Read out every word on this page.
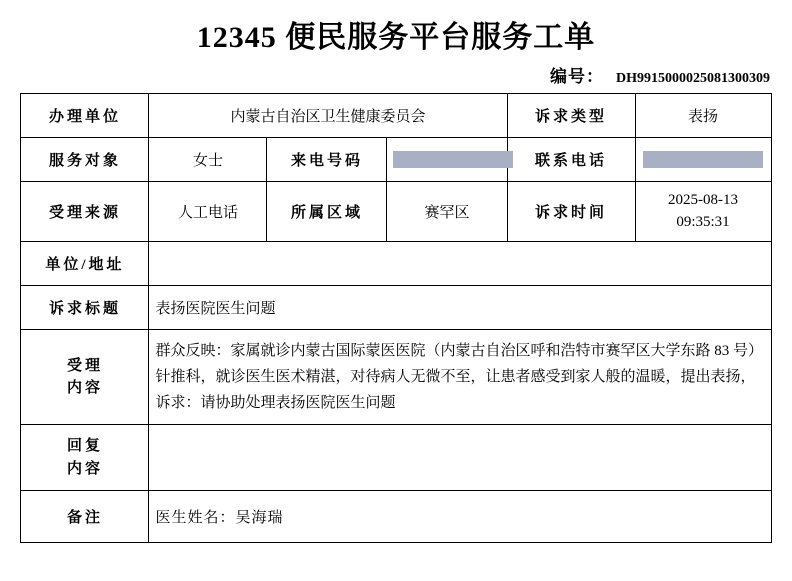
12345 便民服务平台服务工单
编号： DH9915000025081300309
办理单位	内蒙古自治区卫生健康委员会			诉求类型	表扬
服务对象	女士	来电号码		联系电话	
受理来源	人工电话	所属区域	赛罕区	诉求时间	2025-08-13
09:35:31

单位/地址					
诉求标题	表扬医院医生问题				

受理
内容	群众反映：家属就诊内蒙古国际蒙医医院（内蒙古自治区呼和浩特市赛罕区大学东路 83 号）针推科，就诊医生医术精湛，对待病人无微不至，让患者感受到家人般的温暖，提出表扬，诉求：请协助处理表扬医院医生问题				

回复
内容					

备注	医生姓名：吴海瑞				
